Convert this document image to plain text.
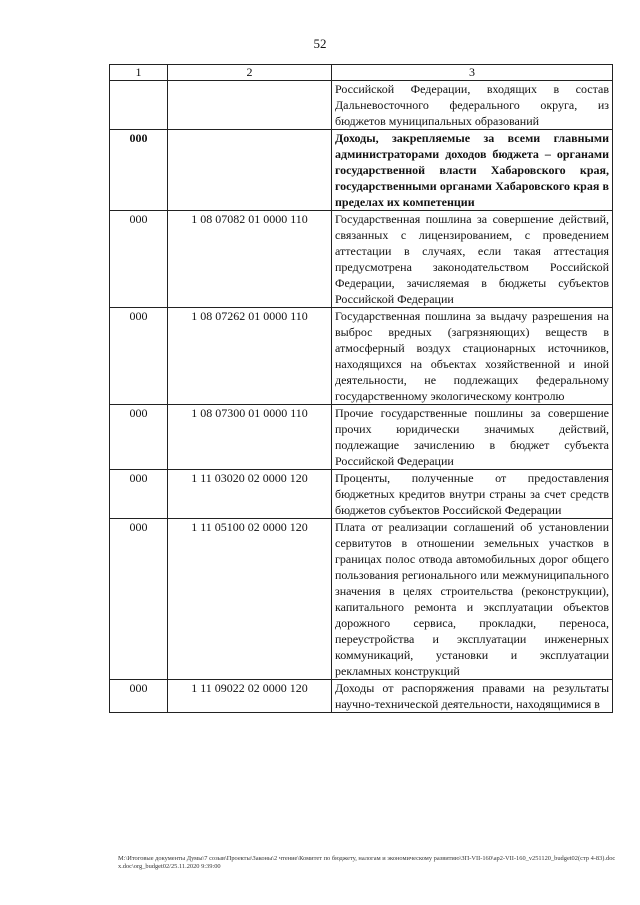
52
1	2	3
		Российской Федерации, входящих в состав Дальневосточного федерального округа, из бюджетов муниципальных образований
000		Доходы, закрепляемые за всеми главными администраторами доходов бюджета – органами государственной власти Хабаровского края, государственными органами Хабаровского края в пределах их компетенции
000	1 08 07082 01 0000 110	Государственная пошлина за совершение действий, связанных с лицензированием, с проведением аттестации в случаях, если такая аттестация предусмотрена законодательством Российской Федерации, зачисляемая в бюджеты субъектов Российской Федерации
000	1 08 07262 01 0000 110	Государственная пошлина за выдачу разрешения на выброс вредных (загрязняющих) веществ в атмосферный воздух стационарных источников, находящихся на объектах хозяйственной и иной деятельности, не подлежащих федеральному государственному экологическому контролю
000	1 08 07300 01 0000 110	Прочие государственные пошлины за совершение прочих юридически значимых действий, подлежащие зачислению в бюджет субъекта Российской Федерации
000	1 11 03020 02 0000 120	Проценты, полученные от предоставления бюджетных кредитов внутри страны за счет средств бюджетов субъектов Российской Федерации
000	1 11 05100 02 0000 120	Плата от реализации соглашений об установлении сервитутов в отношении земельных участков в границах полос отвода автомобильных дорог общего пользования регионального или межмуниципального значения в целях строительства (реконструкции), капитального ремонта и эксплуатации объектов дорожного сервиса, прокладки, переноса, переустройства и эксплуатации инженерных коммуникаций, установки и эксплуатации рекламных конструкций
000	1 11 09022 02 0000 120	Доходы от распоряжения правами на результаты научно-технической деятельности, находящимися в
М:\Итоговые документы Думы\7 созыв\Проекты\Законы\2 чтение\Комитет по бюджету, налогам и экономическому развитию\ЗП-VII-160\ар2-VII-160_v251120_budget02(стр 4-83).docx.doc\org_budget02/25.11.2020 9:39:00
